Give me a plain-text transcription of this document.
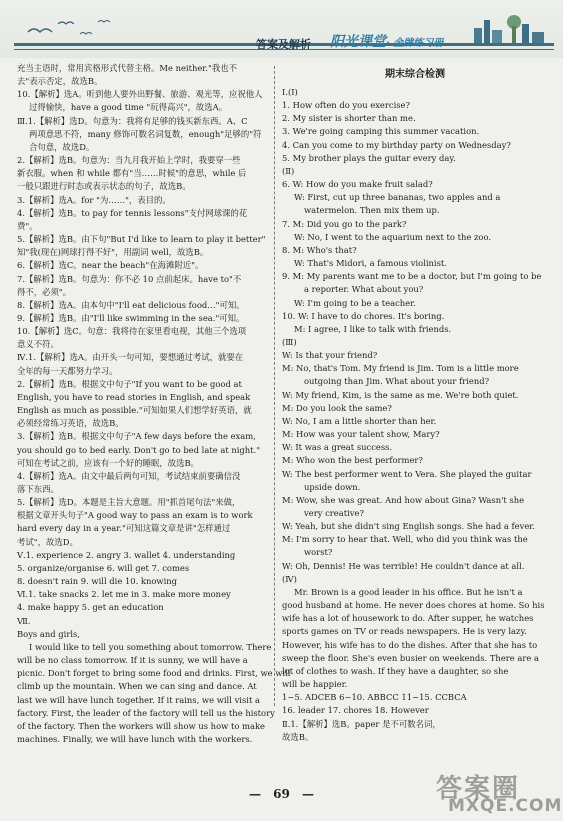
答案及解析 阳光课堂· 金牌练习册

充当主语时，常用宾格形式代替主格。Me neither."我也不

去"表示否定，故选B。

10.【解析】选A。听到他人要外出野餐、旅游、观光等，应祝他人

过得愉快，have a good time "玩得高兴"，故选A。

Ⅲ.1.【解析】选D。句意为：我将有足够的钱买新东西。A、C

两项意思不符，many 修饰可数名词复数，enough"足够的"符合句意，故选D。

2.【解析】选B。句意为：当九月我开始上学时，我要穿一些

新衣服。when 和 while 都有"当……时候"的意思，while 后

一般只跟进行时态或表示状态的句子，故选B。

3.【解析】选A。for "为……"，表目的。

4.【解析】选B。to pay for tennis lessons"支付网球课的花

费"。

5.【解析】选B。由下句"But I'd like to learn to play it better"

知"我(现在)网球打得不好"，用副词 well，故选B。

6.【解析】选C。near the beach"在海滩附近"。

7.【解析】选B。句意为：你不必 10 点前起床。have to"不

得不，必须"。

8.【解析】选A。由本句中"I'll eat delicious food…"可知。

9.【解析】选B。由"I'll like swimming in the sea."可知。

10.【解析】选C。句意：我将待在家里看电视，其他三个选项

意义不符。

Ⅳ.1.【解析】选A。由开头一句可知，要想通过考试，就要在

全年的每一天都努力学习。

2.【解析】选B。根据文中句子"If you want to be good at

English, you have to read stories in English, and speak

English as much as possible."可知如果人们想学好英语，就

必须经常练习英语，故选B。

3.【解析】选B。根据文中句子"A few days before the exam,

you should go to bed early. Don't go to bed late at night."

可知在考试之前，应该有一个好的睡眠，故选B。

4.【解析】选A。由文中最后两句可知，考试结束前要确信没

落下东西。

5.【解析】选D。本题是主旨大意题。用"抓首尾句法"来做，

根据文章开头句子"A good way to pass an exam is to work

hard every day in a year."可知这篇文章是讲"怎样通过

考试"，故选D。

Ⅴ.1. experience 2. angry 3. wallet 4. understanding

5. organize/organise 6. will get 7. comes

8. doesn't rain 9. will die 10. knowing

Ⅵ.1. take snacks 2. let me in 3. make more money

4. make happy 5. get an education

Ⅶ.

Boys and girls,

I would like to tell you something about tomorrow. There

will be no class tomorrow. If it is sunny, we will have a

picnic. Don't forget to bring some food and drinks. First, we will

climb up the mountain. When we can sing and dance. At

last we will have lunch together. If it rains, we will visit a

factory. First, the leader of the factory will tell us the history

of the factory. Then the workers will show us how to make

machines. Finally, we will have lunch with the workers.

期末综合检测

Ⅰ.(Ⅰ)

1. How often do you exercise?

2. My sister is shorter than me.

3. We're going camping this summer vacation.

4. Can you come to my birthday party on Wednesday?

5. My brother plays the guitar every day.

(Ⅱ)

6. W: How do you make fruit salad?

W: First, cut up three bananas, two apples and a

watermelon. Then mix them up.

7. M: Did you go to the park?

W: No, I went to the aquarium next to the zoo.

8. M: Who's that?

W: That's Midori, a famous violinist.

9. M: My parents want me to be a doctor, but I'm going to be

a reporter. What about you?

W: I'm going to be a teacher.

10. W: I have to do chores. It's boring.

M: I agree, I like to talk with friends.

(Ⅲ)

W: Is that your friend?

M: No, that's Tom. My friend is Jim. Tom is a little more

outgoing than Jim. What about your friend?

W: My friend, Kim, is the same as me. We're both quiet.

M: Do you look the same?

W: No, I am a little shorter than her.

M: How was your talent show, Mary?

W: It was a great success.

M: Who won the best performer?

W: The best performer went to Vera. She played the guitar

upside down.

M: Wow, she was great. And how about Gina? Wasn't she

very creative?

W: Yeah, but she didn't sing English songs. She had a fever.

M: I'm sorry to hear that. Well, who did you think was the

worst?

W: Oh, Dennis! He was terrible! He couldn't dance at all.

(Ⅳ)

Mr. Brown is a good leader in his office. But he isn't a

good husband at home. He never does chores at home. So his

wife has a lot of housework to do. After supper, he watches

sports games on TV or reads newspapers. He is very lazy.

However, his wife has to do the dishes. After that she has to

sweep the floor. She's even busier on weekends. There are a

lot of clothes to wash. If they have a daughter, so she

will be happier.

1~5. ADCEB 6~10. ABBCC 11~15. CCBCA

16. leader 17. chores 18. However

Ⅱ.1.【解析】选B。paper 是不可数名词，

故选B。

— 69 —	答案圈
MXQE.COM
